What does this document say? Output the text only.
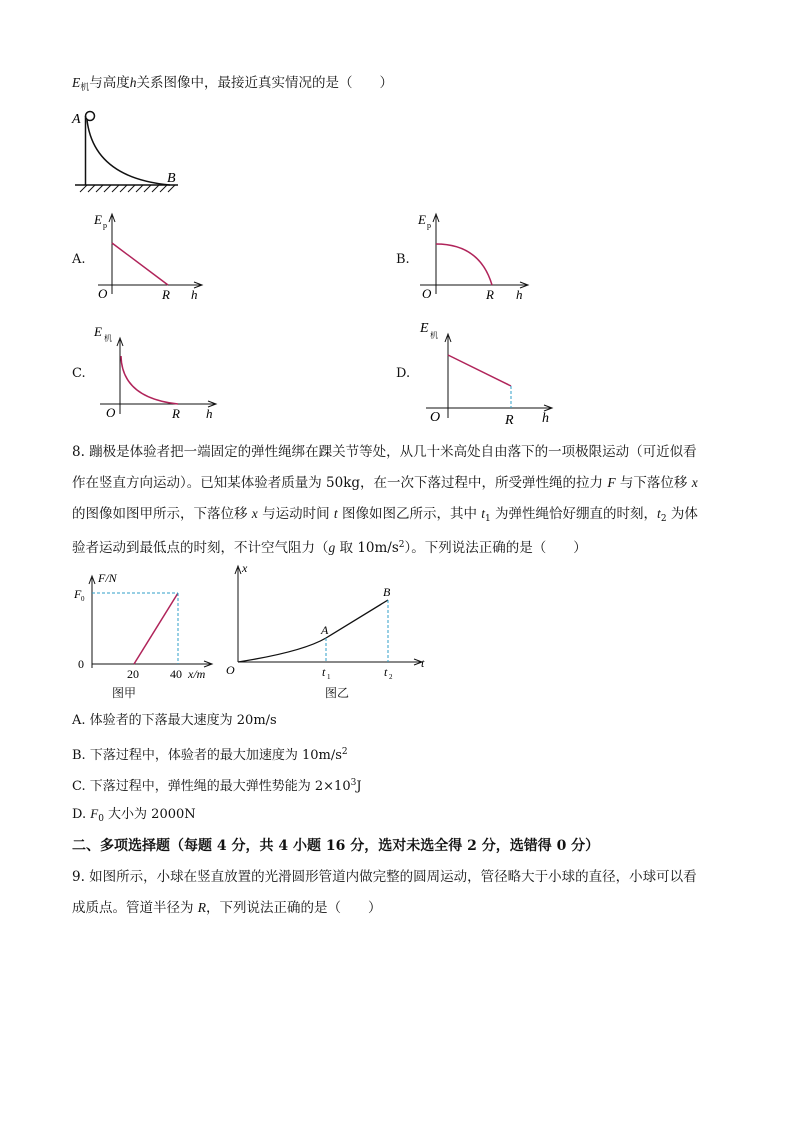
$E_机$与高度h关系图像中，最接近真实情况的是（　　）
A
B
A.
E p
O	R h
B.
E p
O	R h
C.
E 机
O	R h
D.
E 机
O	R h
8. 蹦极是体验者把一端固定的弹性绳绑在踝关节等处，从几十米高处自由落下的一项极限运动（可近似看
作在竖直方向运动）。已知某体验者质量为 50kg，在一次下落过程中，所受弹性绳的拉力 F 与下落位移 x
的图像如图甲所示，下落位移 x 与运动时间 t 图像如图乙所示，其中 $t_1$ 为弹性绳恰好绷直的时刻，$t_2$ 为体
验者运动到最低点的时刻，不计空气阻力（g 取 $10m/s^2$）。下列说法正确的是（　　）
F/N
F 0
0
20	40 x/m
图甲
x
A
B
O	t 1	t 2
t
图乙
A. 体验者的下落最大速度为 20m/s
B. 下落过程中，体验者的最大加速度为 $10m/s^2$
C. 下落过程中，弹性绳的最大弹性势能为 $2\times 10^3J$
D. $F_0$ 大小为 2000N
二、多项选择题（每题 4 分，共 4 小题 16 分，选对未选全得 2 分，选错得 0 分）
9. 如图所示，小球在竖直放置的光滑圆形管道内做完整的圆周运动，管径略大于小球的直径，小球可以看
成质点。管道半径为 R，下列说法正确的是（　　）
